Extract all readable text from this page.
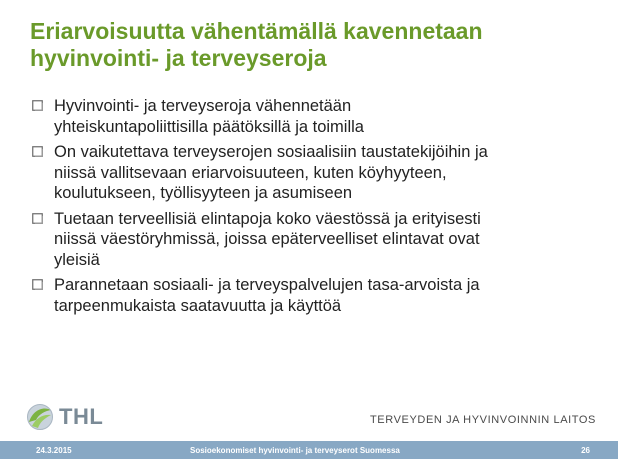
Eriarvoisuutta vähentämällä kavennetaan
hyvinvointi- ja terveyseroja
Hyvinvointi- ja terveyseroja vähennetään
yhteiskuntapoliittisilla päätöksillä ja toimilla
On vaikutettava terveyserojen sosiaalisiin taustatekijöihin ja
niissä vallitsevaan eriarvoisuuteen, kuten köyhyyteen,
koulutukseen, työllisyyteen ja asumiseen
Tuetaan terveellisiä elintapoja koko väestössä ja erityisesti
niissä väestöryhmissä, joissa epäterveelliset elintavat ovat
yleisiä
Parannetaan sosiaali- ja terveyspalvelujen tasa-arvoista ja
tarpeenmukaista saatavuutta ja käyttöä
THL	TERVEYDEN JA HYVINVOINNIN LAITOS
24.3.2015	Sosioekonomiset hyvinvointi- ja terveyserot Suomessa	26
